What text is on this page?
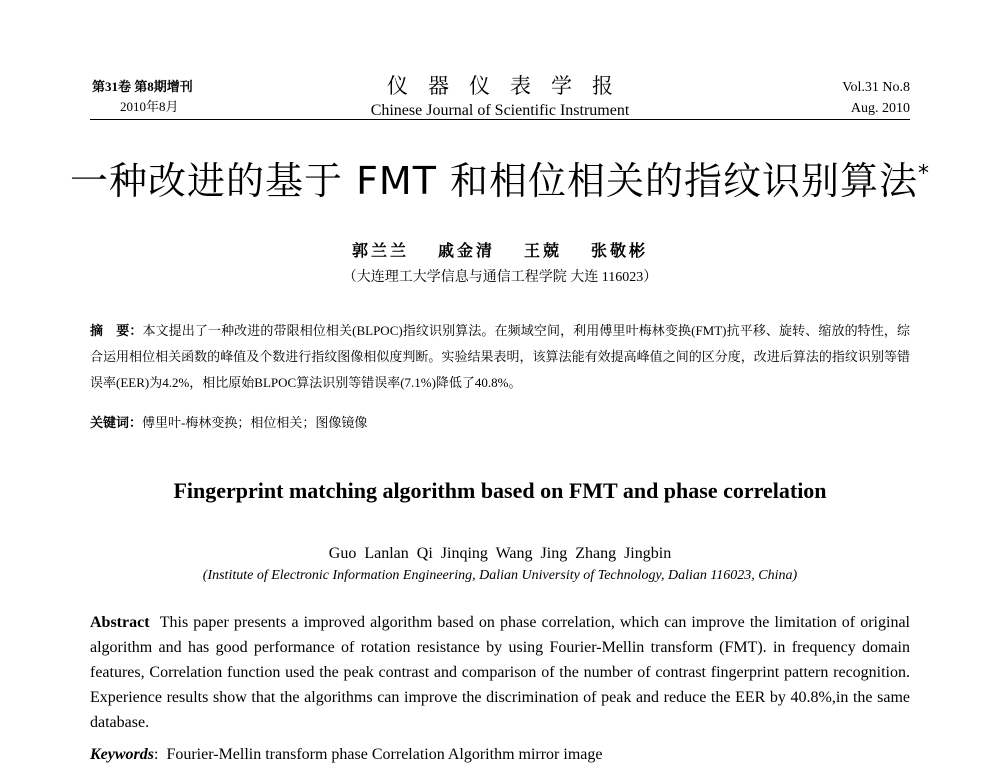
第31卷 第8期增刊
2010年8月
仪器仪表学报
Chinese Journal of Scientific Instrument
Vol.31 No.8
Aug. 2010
一种改进的基于 FMT 和相位相关的指纹识别算法*
郭兰兰 戚金清 王兢 张敬彬
（大连理工大学信息与通信工程学院 大连 116023）
摘　要：本文提出了一种改进的带限相位相关(BLPOC)指纹识别算法。在频域空间，利用傅里叶梅林变换(FMT)抗平移、旋转、缩放的特性，综合运用相位相关函数的峰值及个数进行指纹图像相似度判断。实验结果表明，该算法能有效提高峰值之间的区分度，改进后算法的指纹识别等错误率(EER)为4.2%，相比原始BLPOC算法识别等错误率(7.1%)降低了40.8%。
关键词：傅里叶-梅林变换；相位相关；图像镜像
Fingerprint matching algorithm based on FMT and phase correlation
Guo Lanlan Qi Jinqing Wang Jing Zhang Jingbin
(Institute of Electronic Information Engineering, Dalian University of Technology, Dalian 116023, China)
Abstract This paper presents a improved algorithm based on phase correlation, which can improve the limitation of original algorithm and has good performance of rotation resistance by using Fourier-Mellin transform (FMT). in frequency domain features, Correlation function used the peak contrast and comparison of the number of contrast fingerprint pattern recognition. Experience results show that the algorithms can improve the discrimination of peak and reduce the EER by 40.8%,in the same database.
Keywords:  Fourier-Mellin transform phase Correlation Algorithm mirror image
